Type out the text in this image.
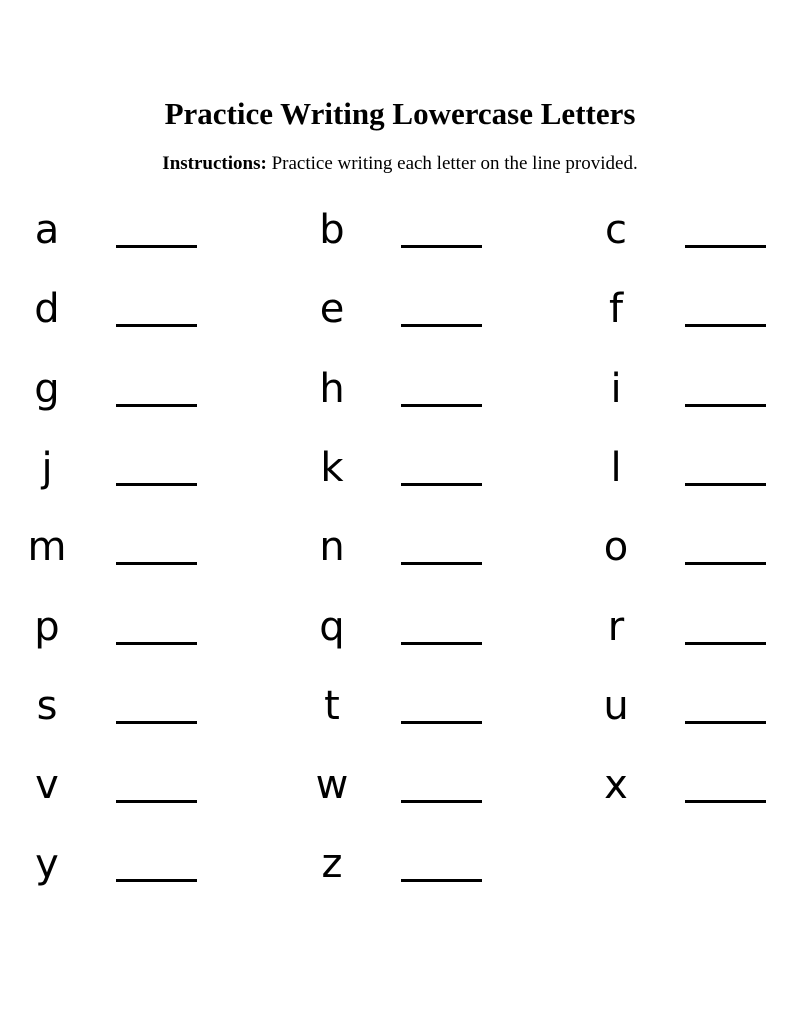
Practice Writing Lowercase Letters

Instructions: Practice writing each letter on the line provided.

a	b	c
d	e	f
g	h	i
j	k	l
m	n	o
p	q	r
s	t	u
v	w	x
y	z
